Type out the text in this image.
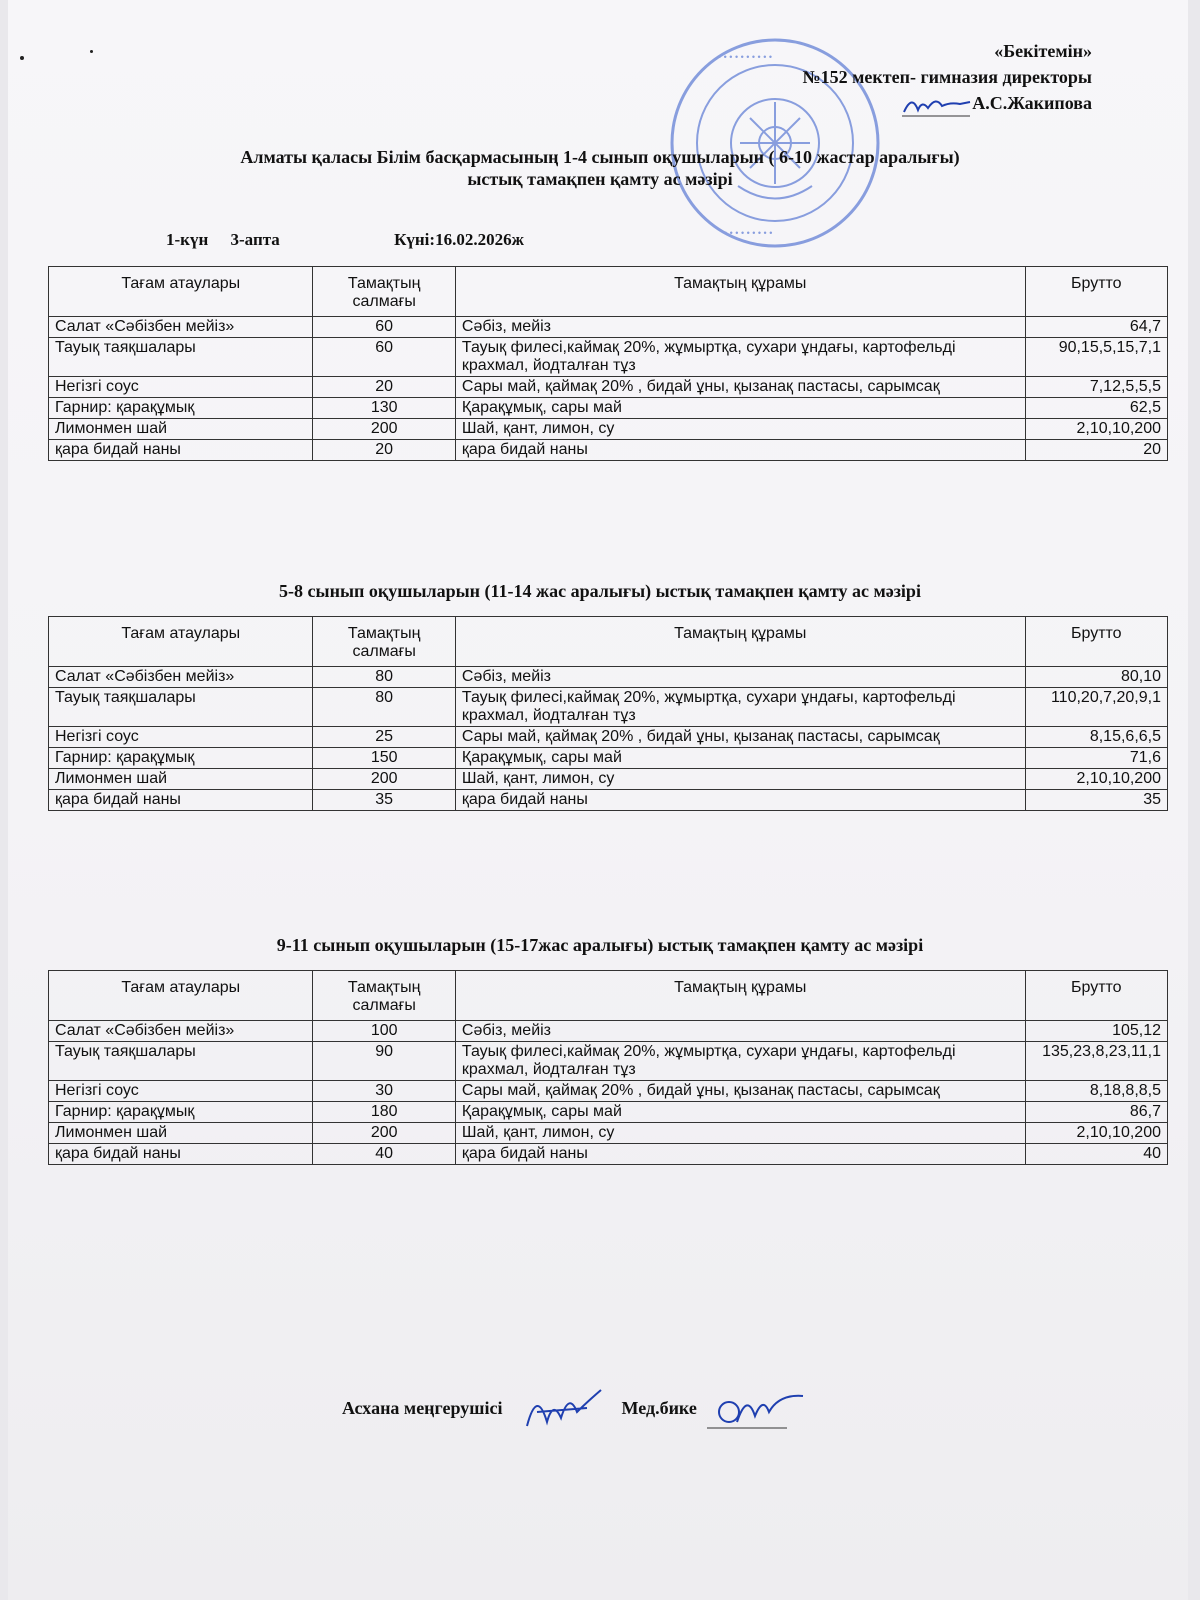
• • • • • • • • • •
• • • • • • • • •
«Бекітемін»
№152 мектеп- гимназия директоры
А.С.Жакипова
Алматы қаласы Білім басқармасының 1-4 сынып оқушыларын ( 6-10 жастар аралығы)
ыстық тамақпен қамту ас мәзірі
1-күн 3-апта	Күні:16.02.2026ж
Тағам атаулары	Тамақтың салмағы	Тамақтың құрамы	Брутто
Салат «Сәбізбен мейіз»	60	Сәбіз, мейіз	64,7
Тауық таяқшалары	60	Тауық филесі,каймақ 20%, жұмыртқа, сухари ұндағы, картофельді крахмал, йодталған тұз	90,15,5,15,7,1
Негізгі соус	20	Сары май, қаймақ 20% , бидай ұны, қызанақ пастасы, сарымсақ	7,12,5,5,5
Гарнир: қарақұмық	130	Қарақұмық, сары май	62,5
Лимонмен шай	200	Шай, қант, лимон, су	2,10,10,200
қара бидай наны	20	қара бидай наны	20
5-8 сынып оқушыларын (11-14 жас аралығы) ыстық тамақпен қамту ас мәзірі
Тағам атаулары	Тамақтың салмағы	Тамақтың құрамы	Брутто
Салат «Сәбізбен мейіз»	80	Сәбіз, мейіз	80,10
Тауық таяқшалары	80	Тауық филесі,каймақ 20%, жұмыртқа, сухари ұндағы, картофельді крахмал, йодталған тұз	110,20,7,20,9,1
Негізгі соус	25	Сары май, қаймақ 20% , бидай ұны, қызанақ пастасы, сарымсақ	8,15,6,6,5
Гарнир: қарақұмық	150	Қарақұмық, сары май	71,6
Лимонмен шай	200	Шай, қант, лимон, су	2,10,10,200
қара бидай наны	35	қара бидай наны	35
9-11 сынып оқушыларын (15-17жас аралығы) ыстық тамақпен қамту ас мәзірі
Тағам атаулары	Тамақтың салмағы	Тамақтың құрамы	Брутто
Салат «Сәбізбен мейіз»	100	Сәбіз, мейіз	105,12
Тауық таяқшалары	90	Тауық филесі,каймақ 20%, жұмыртқа, сухари ұндағы, картофельді крахмал, йодталған тұз	135,23,8,23,11,1
Негізгі соус	30	Сары май, қаймақ 20% , бидай ұны, қызанақ пастасы, сарымсақ	8,18,8,8,5
Гарнир: қарақұмық	180	Қарақұмық, сары май	86,7
Лимонмен шай	200	Шай, қант, лимон, су	2,10,10,200
қара бидай наны	40	қара бидай наны	40
Асхана меңгерушісі	Мед.бике
